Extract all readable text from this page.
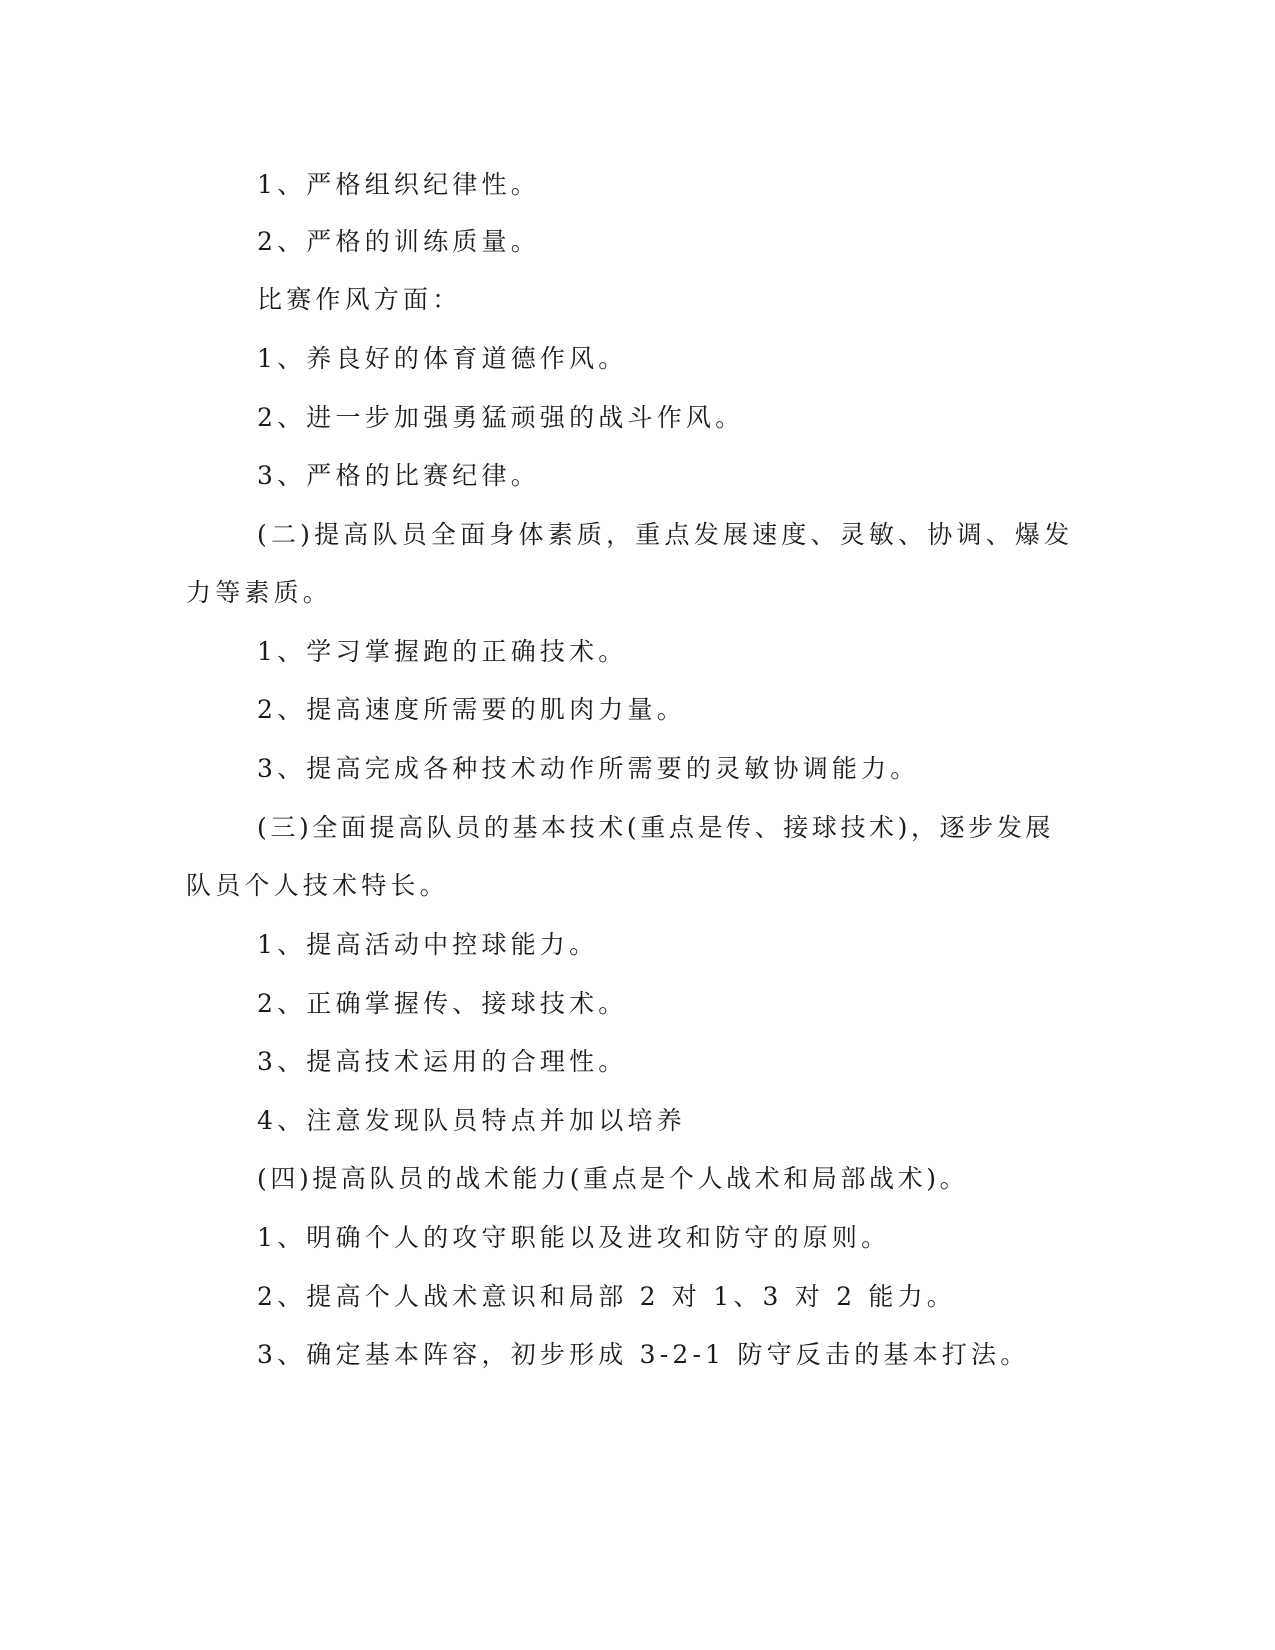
1、严格组织纪律性。
2、严格的训练质量。
比赛作风方面：
1、养良好的体育道德作风。
2、进一步加强勇猛顽强的战斗作风。
3、严格的比赛纪律。
(二)提高队员全面身体素质，重点发展速度、灵敏、协调、爆发
力等素质。
1、学习掌握跑的正确技术。
2、提高速度所需要的肌肉力量。
3、提高完成各种技术动作所需要的灵敏协调能力。
(三)全面提高队员的基本技术(重点是传、接球技术)，逐步发展
队员个人技术特长。
1、提高活动中控球能力。
2、正确掌握传、接球技术。
3、提高技术运用的合理性。
4、注意发现队员特点并加以培养
(四)提高队员的战术能力(重点是个人战术和局部战术)。
1、明确个人的攻守职能以及进攻和防守的原则。
2、提高个人战术意识和局部 2 对 1、3 对 2 能力。
3、确定基本阵容，初步形成 3-2-1 防守反击的基本打法。
